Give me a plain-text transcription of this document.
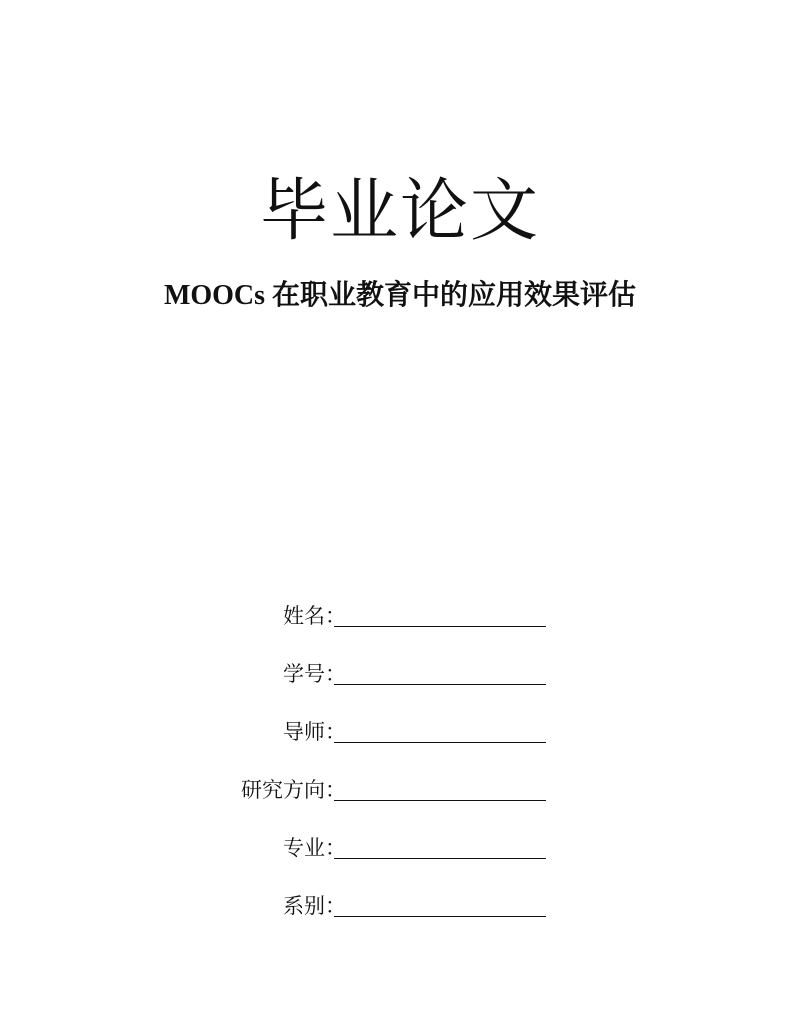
毕业论文
MOOCs 在职业教育中的应用效果评估
姓名：
学号：
导师：
研究方向：
专业：
系别：
